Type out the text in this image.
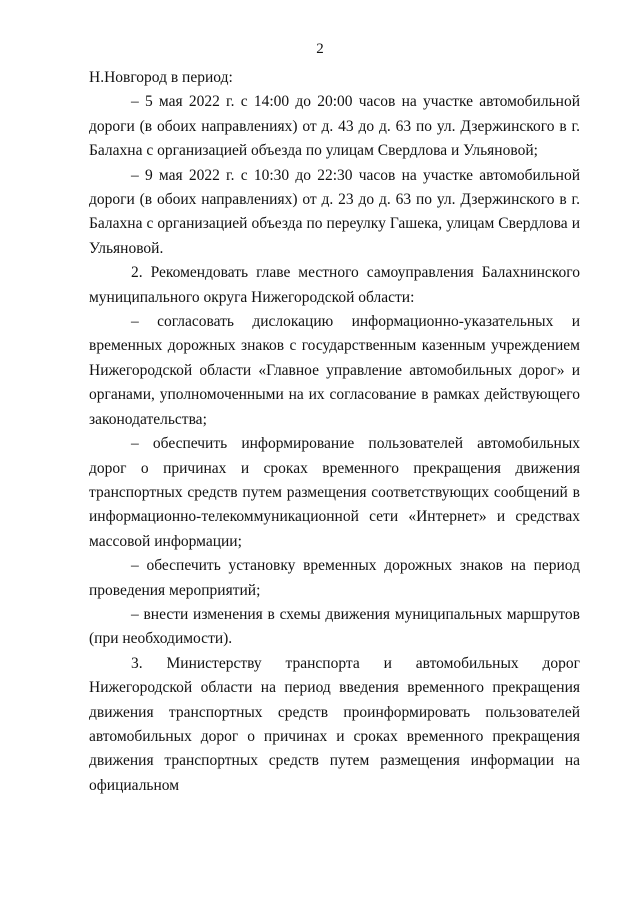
2

Н.Новгород в период:

– 5 мая 2022 г. с 14:00 до 20:00 часов на участке автомобильной дороги (в обоих направлениях) от д. 43 до д. 63 по ул. Дзержинского в г. Балахна с организацией объезда по улицам Свердлова и Ульяновой;

– 9 мая 2022 г. с 10:30 до 22:30 часов на участке автомобильной дороги (в обоих направлениях) от д. 23 до д. 63 по ул. Дзержинского в г. Балахна с организацией объезда по переулку Гашека, улицам Свердлова и Ульяновой.

2. Рекомендовать главе местного самоуправления Балахнинского муниципального округа Нижегородской области:

– согласовать дислокацию информационно-указательных и временных дорожных знаков с государственным казенным учреждением Нижегородской области «Главное управление автомобильных дорог» и органами, уполномоченными на их согласование в рамках действующего законодательства;

– обеспечить информирование пользователей автомобильных дорог о причинах и сроках временного прекращения движения транспортных средств путем размещения соответствующих сообщений в информационно-телекоммуникационной сети «Интернет» и средствах массовой информации;

– обеспечить установку временных дорожных знаков на период проведения мероприятий;

– внести изменения в схемы движения муниципальных маршрутов (при необходимости).

3. Министерству транспорта и автомобильных дорог Нижегородской области на период введения временного прекращения движения транспортных средств проинформировать пользователей автомобильных дорог о причинах и сроках временного прекращения движения транспортных средств путем размещения информации на официальном
